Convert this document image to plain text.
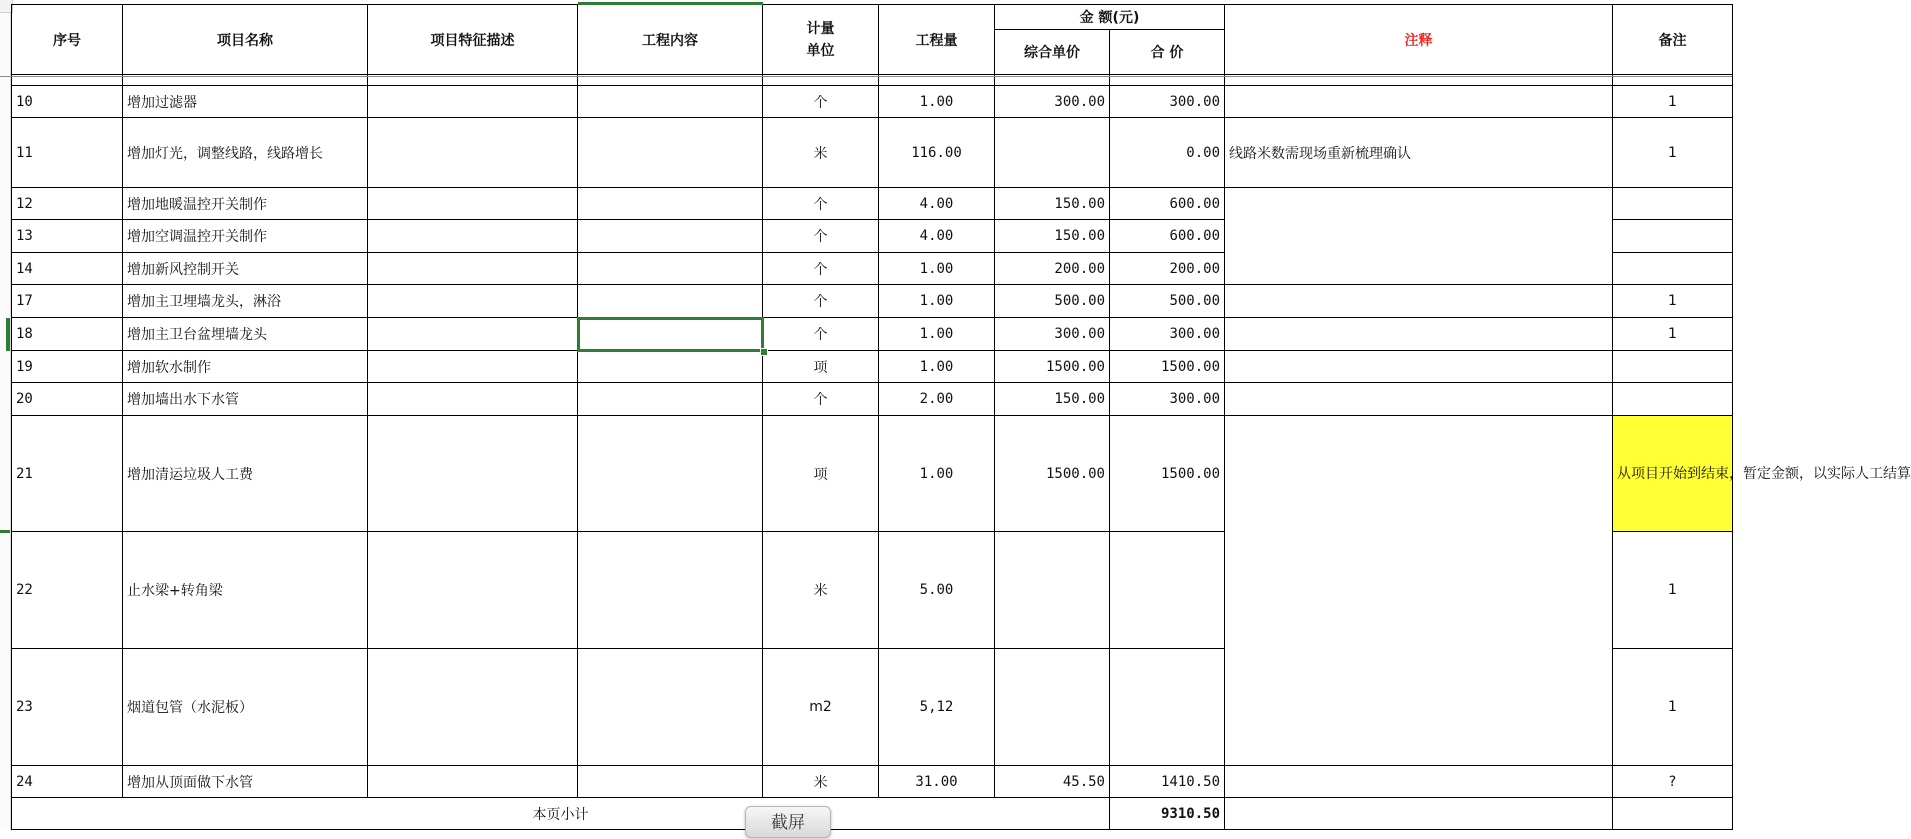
序号	项目名称	项目特征描述	工程内容	计量
单位	工程量	金 额(元)		注释	备注
						综合单价	合 价		

10	增加过滤器			个	1.00	300.00	300.00		1
11	增加灯光，调整线路，线路增长			米	116.00		0.00	线路米数需现场重新梳理确认	1
12	增加地暖温控开关制作			个	4.00	150.00	600.00		
13	增加空调温控开关制作			个	4.00	150.00	600.00		
14	增加新风控制开关			个	1.00	200.00	200.00		
17	增加主卫埋墙龙头，淋浴			个	1.00	500.00	500.00		1
18	增加主卫台盆埋墙龙头			个	1.00	300.00	300.00		1
19	增加软水制作			项	1.00	1500.00	1500.00		
20	增加墙出水下水管			个	2.00	150.00	300.00		
21	增加清运垃圾人工费			项	1.00	1500.00	1500.00		从项目开始到结束，暂定金额，以实际人工结算
22	止水梁+转角梁			米	5.00				1
23	烟道包管（水泥板）			m2	5,12				1
24	增加从顶面做下水管			米	31.00	45.50	1410.50		?
本页小计							9310.50		
截屏
